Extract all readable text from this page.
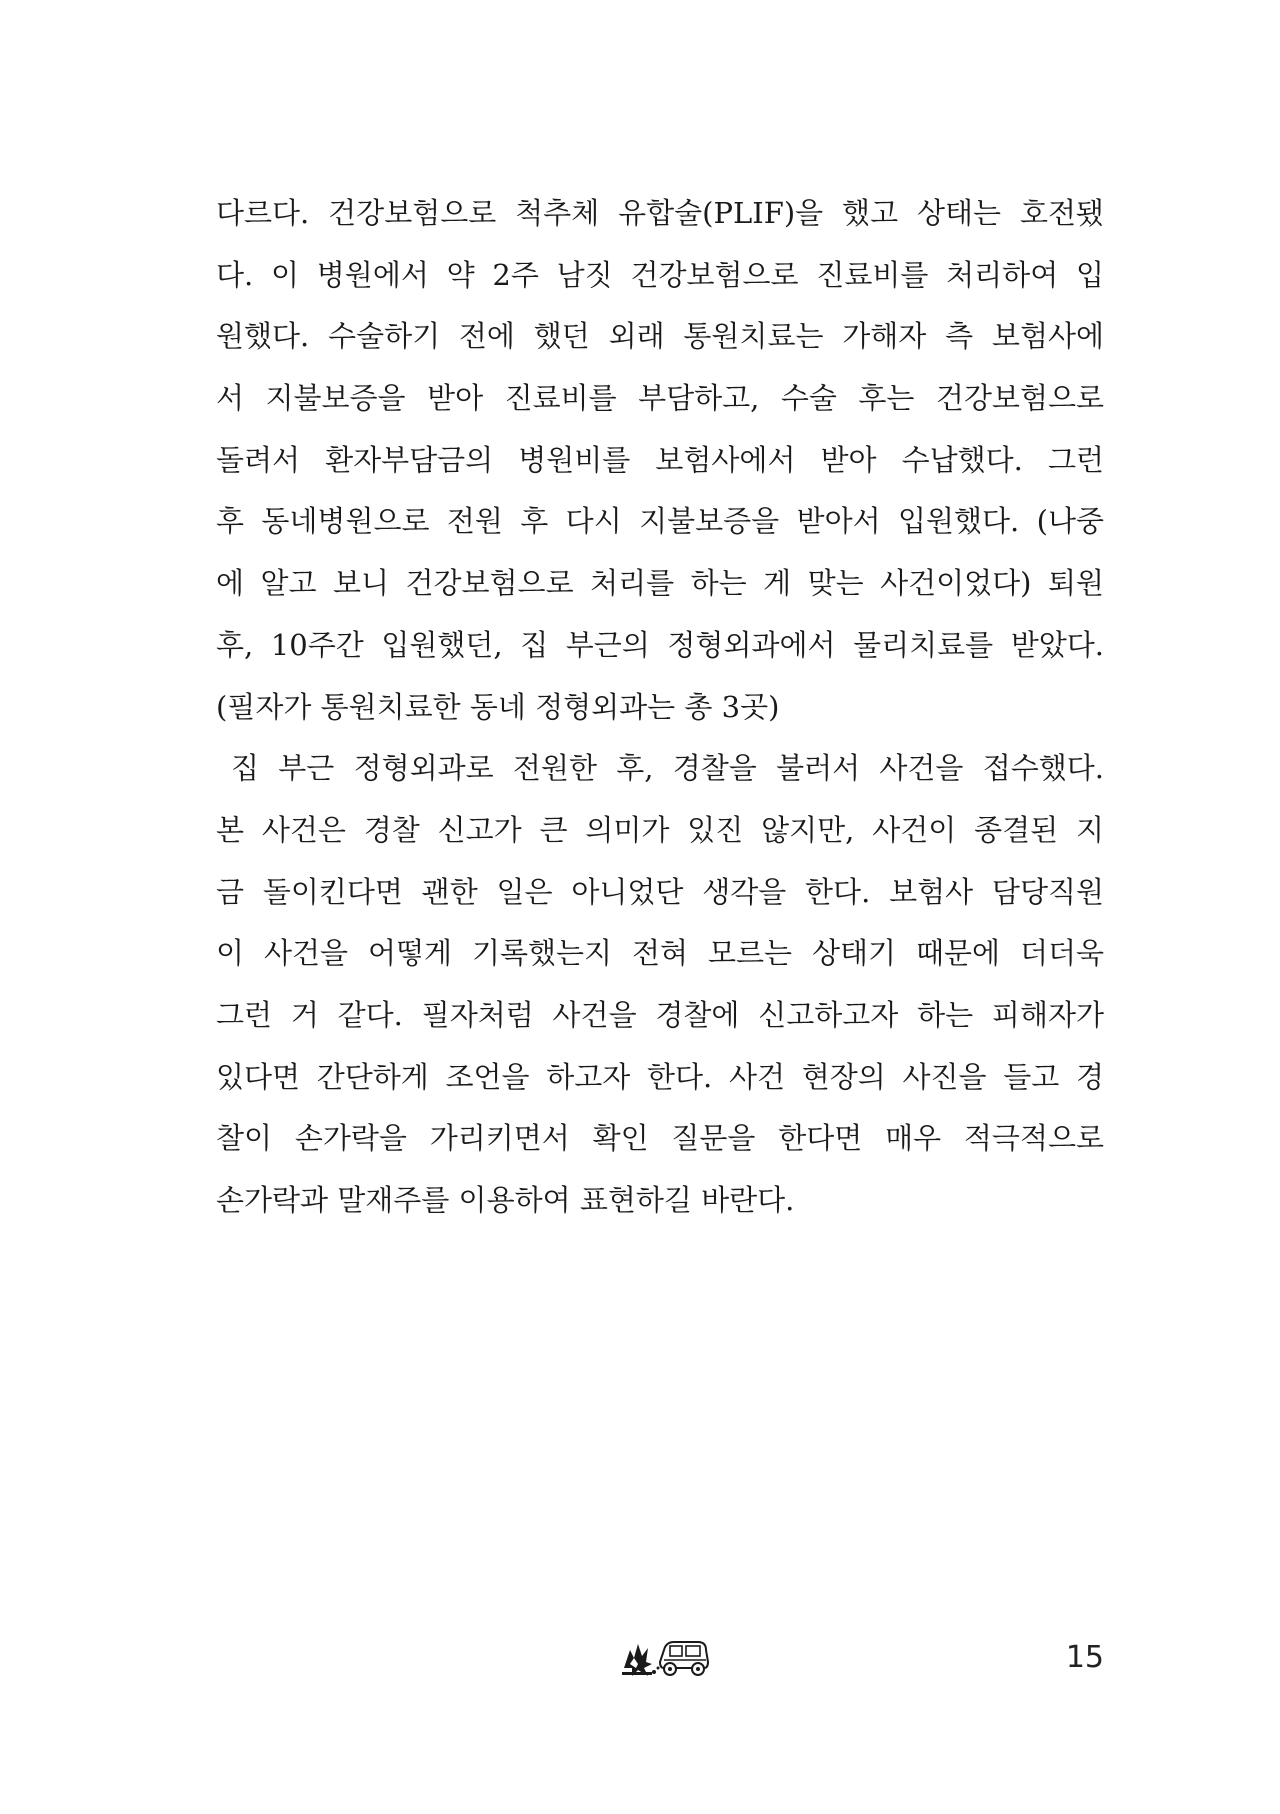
다르다. 건강보험으로 척추체 유합술(PLIF)을 했고 상태는 호전됐
다. 이 병원에서 약 2주 남짓 건강보험으로 진료비를 처리하여 입
원했다. 수술하기 전에 했던 외래 통원치료는 가해자 측 보험사에
서 지불보증을 받아 진료비를 부담하고, 수술 후는 건강보험으로
돌려서 환자부담금의 병원비를 보험사에서 받아 수납했다. 그런
후 동네병원으로 전원 후 다시 지불보증을 받아서 입원했다. (나중
에 알고 보니 건강보험으로 처리를 하는 게 맞는 사건이었다) 퇴원
후, 10주간 입원했던, 집 부근의 정형외과에서 물리치료를 받았다.
(필자가 통원치료한 동네 정형외과는 총 3곳)
집 부근 정형외과로 전원한 후, 경찰을 불러서 사건을 접수했다.
본 사건은 경찰 신고가 큰 의미가 있진 않지만, 사건이 종결된 지
금 돌이킨다면 괜한 일은 아니었단 생각을 한다. 보험사 담당직원
이 사건을 어떻게 기록했는지 전혀 모르는 상태기 때문에 더더욱
그런 거 같다. 필자처럼 사건을 경찰에 신고하고자 하는 피해자가
있다면 간단하게 조언을 하고자 한다. 사건 현장의 사진을 들고 경
찰이 손가락을 가리키면서 확인 질문을 한다면 매우 적극적으로
손가락과 말재주를 이용하여 표현하길 바란다.
15
